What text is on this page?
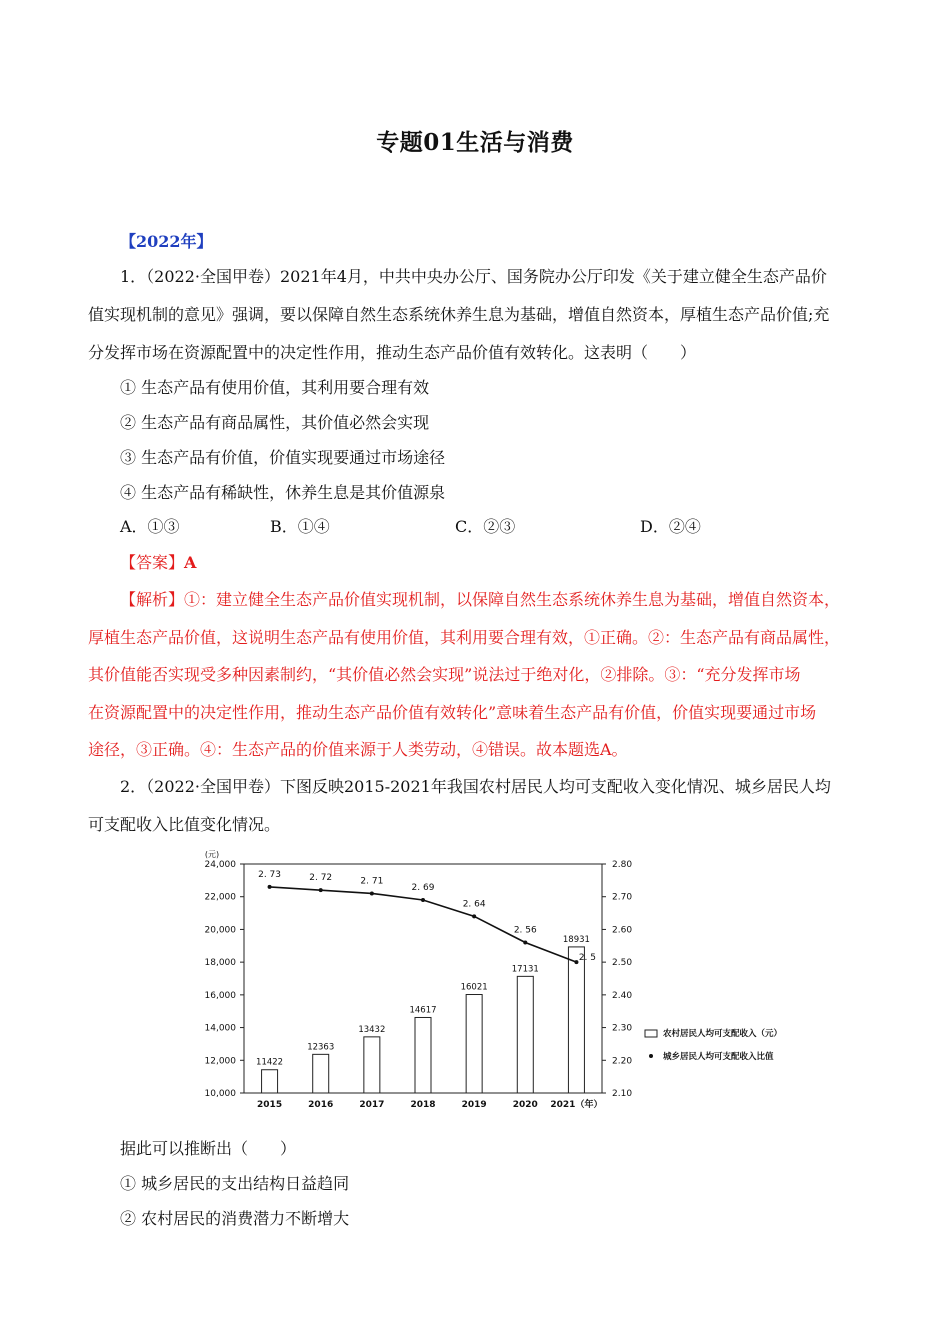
专题01生活与消费
【2022年】
1．（2022·全国甲卷）2021年4月，中共中央办公厅、国务院办公厅印发《关于建立健全生态产品价
值实现机制的意见》强调，要以保障自然生态系统休养生息为基础，增值自然资本，厚植生态产品价值;充
分发挥市场在资源配置中的决定性作用，推动生态产品价值有效转化。这表明（　　）
① 生态产品有使用价值，其利用要合理有效
② 生态产品有商品属性，其价值必然会实现
③ 生态产品有价值，价值实现要通过市场途径
④ 生态产品有稀缺性，休养生息是其价值源泉
A．①③	B．①④	C．②③	D．②④
【答案】A
【解析】①：建立健全生态产品价值实现机制，以保障自然生态系统休养生息为基础，增值自然资本，
厚植生态产品价值，这说明生态产品有使用价值，其利用要合理有效，①正确。②：生态产品有商品属性，
其价值能否实现受多种因素制约，“其价值必然会实现”说法过于绝对化，②排除。③：“充分发挥市场
在资源配置中的决定性作用，推动生态产品价值有效转化”意味着生态产品有价值，价值实现要通过市场
途径，③正确。④：生态产品的价值来源于人类劳动，④错误。故本题选A。
2．（2022·全国甲卷）下图反映2015-2021年我国农村居民人均可支配收入变化情况、城乡居民人均
可支配收入比值变化情况。
24,000
22,000
20,000
18,000
16,000
14,000
12,000
10,000
(元)
2.80
2.70
2.60
2.50
2.40
2.30
2.20
2.10
2015	2016	2017	2018	2019	2020 2021（年）
11422
12363
13432
14617
16021
17131
18931
2. 73	2. 72	2. 71
2. 69
2. 64
2. 56
2. 5
农村居民人均可支配收入（元）
城乡居民人均可支配收入比值
据此可以推断出（　　）
① 城乡居民的支出结构日益趋同
② 农村居民的消费潜力不断增大
